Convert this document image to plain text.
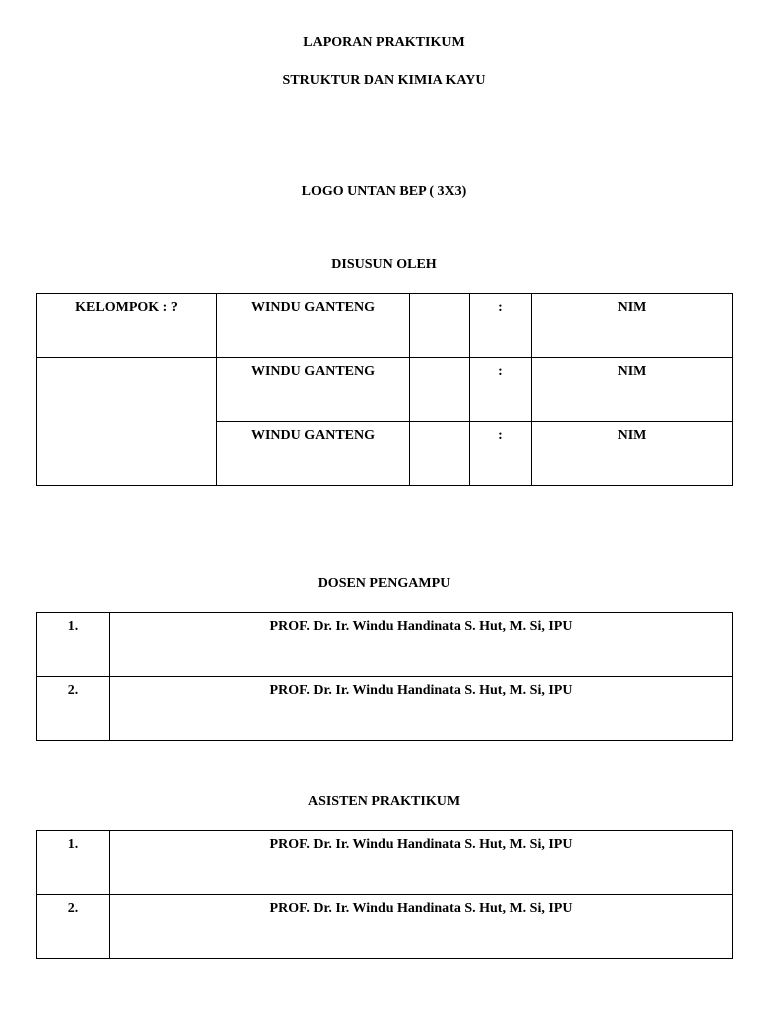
LAPORAN PRAKTIKUM
STRUKTUR DAN KIMIA KAYU
LOGO UNTAN BEP ( 3X3)
DISUSUN OLEH
KELOMPOK : ?	WINDU GANTENG		:	NIM

	WINDU GANTENG		:	NIM

	WINDU GANTENG		:	NIM
DOSEN PENGAMPU
1.	PROF. Dr. Ir. Windu Handinata S. Hut, M. Si, IPU

2.	PROF. Dr. Ir. Windu Handinata S. Hut, M. Si, IPU
ASISTEN PRAKTIKUM
1.	PROF. Dr. Ir. Windu Handinata S. Hut, M. Si, IPU

2.	PROF. Dr. Ir. Windu Handinata S. Hut, M. Si, IPU
